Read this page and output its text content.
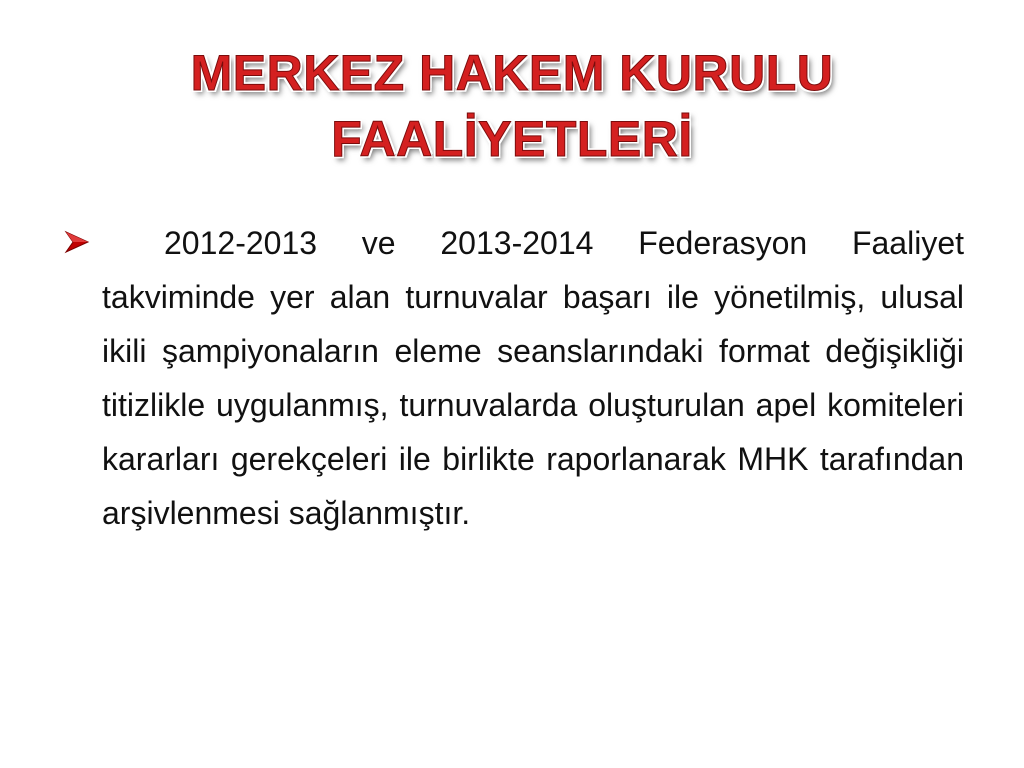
MERKEZ HAKEM KURULU
FAALİYETLERİ

2012-2013 ve 2013-2014 Federasyon Faaliyet takviminde yer alan turnuvalar başarı ile yönetilmiş, ulusal ikili şampiyonaların eleme seanslarındaki format değişikliği titizlikle uygulanmış, turnuvalarda oluşturulan apel komiteleri kararları gerekçeleri ile birlikte raporlanarak MHK tarafından arşivlenmesi sağlanmıştır.
